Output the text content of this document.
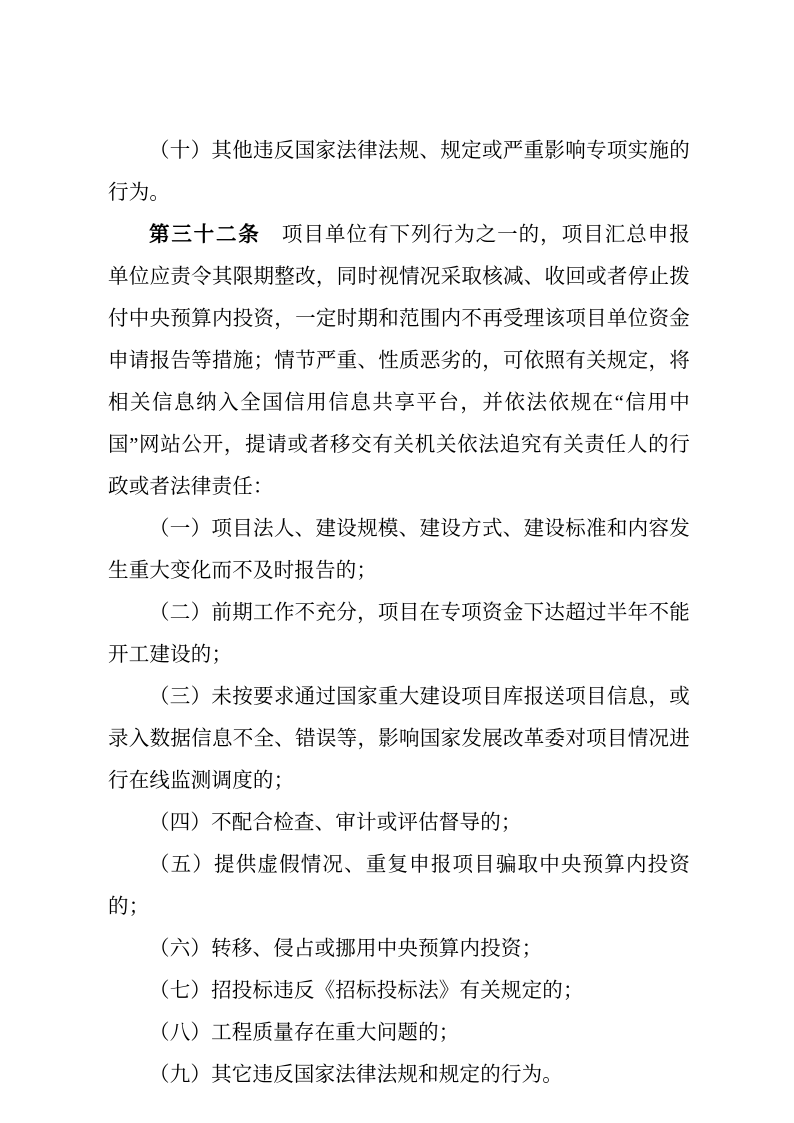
（十）其他违反国家法律法规、规定或严重影响专项实施的行为。

第三十二条 项目单位有下列行为之一的，项目汇总申报单位应责令其限期整改，同时视情况采取核减、收回或者停止拨付中央预算内投资，一定时期和范围内不再受理该项目单位资金申请报告等措施；情节严重、性质恶劣的，可依照有关规定，将相关信息纳入全国信用信息共享平台，并依法依规在“信用中国”网站公开，提请或者移交有关机关依法追究有关责任人的行政或者法律责任：

（一）项目法人、建设规模、建设方式、建设标准和内容发生重大变化而不及时报告的；

（二）前期工作不充分，项目在专项资金下达超过半年不能开工建设的；

（三）未按要求通过国家重大建设项目库报送项目信息，或录入数据信息不全、错误等，影响国家发展改革委对项目情况进行在线监测调度的；

（四）不配合检查、审计或评估督导的；

（五）提供虚假情况、重复申报项目骗取中央预算内投资的；

（六）转移、侵占或挪用中央预算内投资；

（七）招投标违反《招标投标法》有关规定的；

（八）工程质量存在重大问题的；

（九）其它违反国家法律法规和规定的行为。
